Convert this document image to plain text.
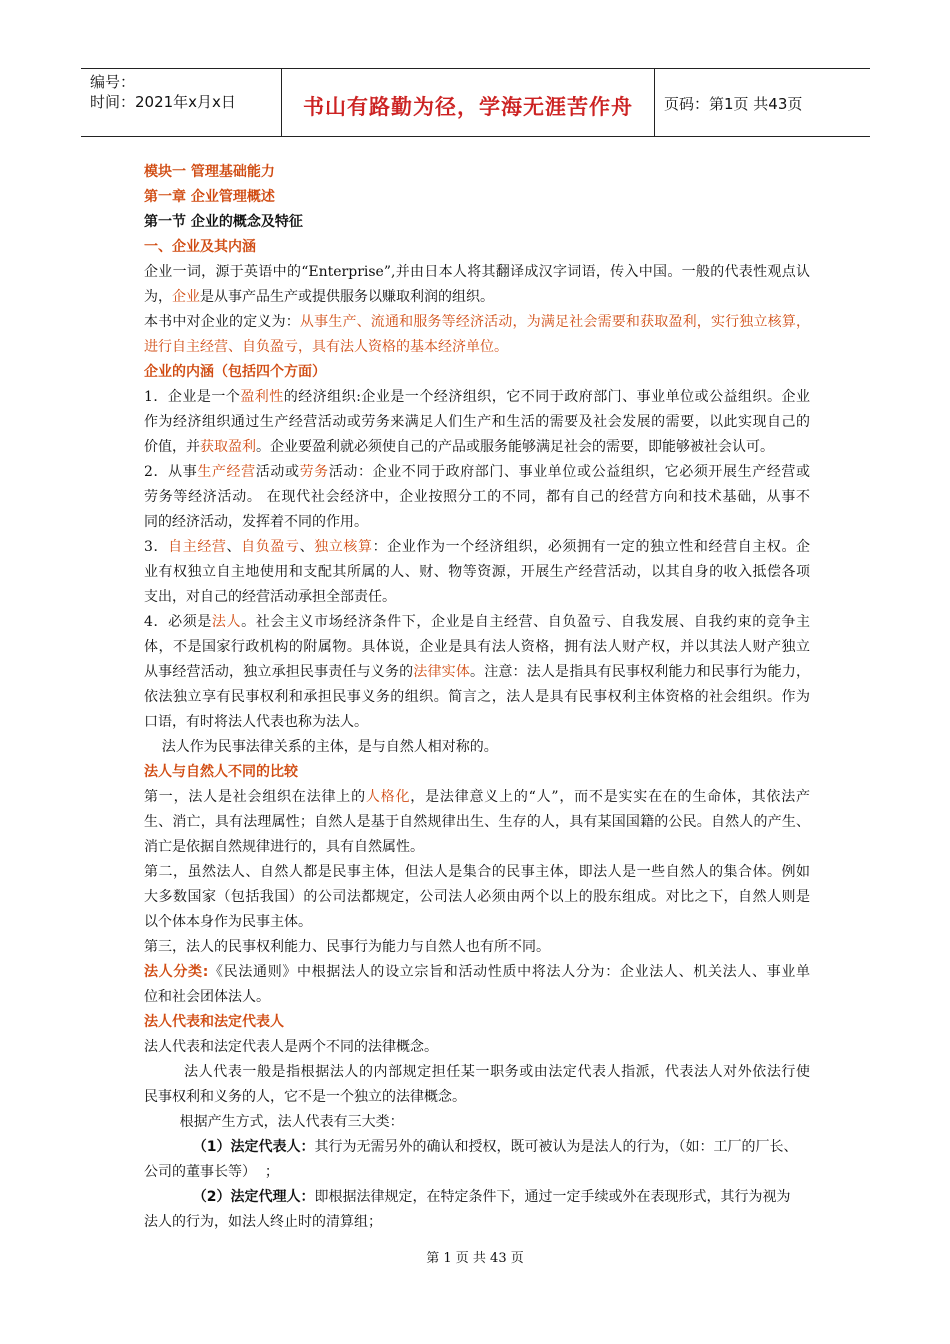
编号：
时间：2021年x月x日	书山有路勤为径，学海无涯苦作舟	页码：第1页 共43页
模块一 管理基础能力
第一章 企业管理概述
第一节 企业的概念及特征
一、企业及其内涵
企业一词，源于英语中的“Enterprise”,并由日本人将其翻译成汉字词语，传入中国。一般的代表性观点认
为，企业是从事产品生产或提供服务以赚取利润的组织。
本书中对企业的定义为：从事生产、流通和服务等经济活动，为满足社会需要和获取盈利，实行独立核算，
进行自主经营、自负盈亏，具有法人资格的基本经济单位。
企业的内涵（包括四个方面）
1．企业是一个盈利性的经济组织:企业是一个经济组织，它不同于政府部门、事业单位或公益组织。企业
作为经济组织通过生产经营活动或劳务来满足人们生产和生活的需要及社会发展的需要，以此实现自己的
价值，并获取盈利。企业要盈利就必须使自己的产品或服务能够满足社会的需要，即能够被社会认可。
2．从事生产经营活动或劳务活动：企业不同于政府部门、事业单位或公益组织，它必须开展生产经营或
劳务等经济活动。 在现代社会经济中，企业按照分工的不同，都有自己的经营方向和技术基础，从事不
同的经济活动，发挥着不同的作用。
3．自主经营、自负盈亏、独立核算：企业作为一个经济组织，必须拥有一定的独立性和经营自主权。企
业有权独立自主地使用和支配其所属的人、财、物等资源，开展生产经营活动，以其自身的收入抵偿各项
支出，对自己的经营活动承担全部责任。
4．必须是法人。社会主义市场经济条件下，企业是自主经营、自负盈亏、自我发展、自我约束的竞争主
体，不是国家行政机构的附属物。具体说，企业是具有法人资格，拥有法人财产权，并以其法人财产独立
从事经营活动，独立承担民事责任与义务的法律实体。注意：法人是指具有民事权利能力和民事行为能力，
依法独立享有民事权利和承担民事义务的组织。简言之，法人是具有民事权利主体资格的社会组织。作为
口语，有时将法人代表也称为法人。
法人作为民事法律关系的主体，是与自然人相对称的。
法人与自然人不同的比较
第一，法人是社会组织在法律上的人格化，是法律意义上的“人”，而不是实实在在的生命体，其依法产
生、消亡，具有法理属性；自然人是基于自然规律出生、生存的人，具有某国国籍的公民。自然人的产生、
消亡是依据自然规律进行的，具有自然属性。
第二，虽然法人、自然人都是民事主体，但法人是集合的民事主体，即法人是一些自然人的集合体。例如
大多数国家（包括我国）的公司法都规定，公司法人必须由两个以上的股东组成。对比之下，自然人则是
以个体本身作为民事主体。
第三，法人的民事权利能力、民事行为能力与自然人也有所不同。
法人分类:《民法通则》中根据法人的设立宗旨和活动性质中将法人分为：企业法人、机关法人、事业单
位和社会团体法人。
法人代表和法定代表人
法人代表和法定代表人是两个不同的法律概念。
法人代表一般是指根据法人的内部规定担任某一职务或由法定代表人指派，代表法人对外依法行使
民事权利和义务的人，它不是一个独立的法律概念。
根据产生方式，法人代表有三大类：
（1）法定代表人：其行为无需另外的确认和授权，既可被认为是法人的行为，（如：工厂的厂长、
公司的董事长等）  ；
（2）法定代理人：即根据法律规定，在特定条件下，通过一定手续或外在表现形式，其行为视为
法人的行为，如法人终止时的清算组；
第 1 页 共 43 页
